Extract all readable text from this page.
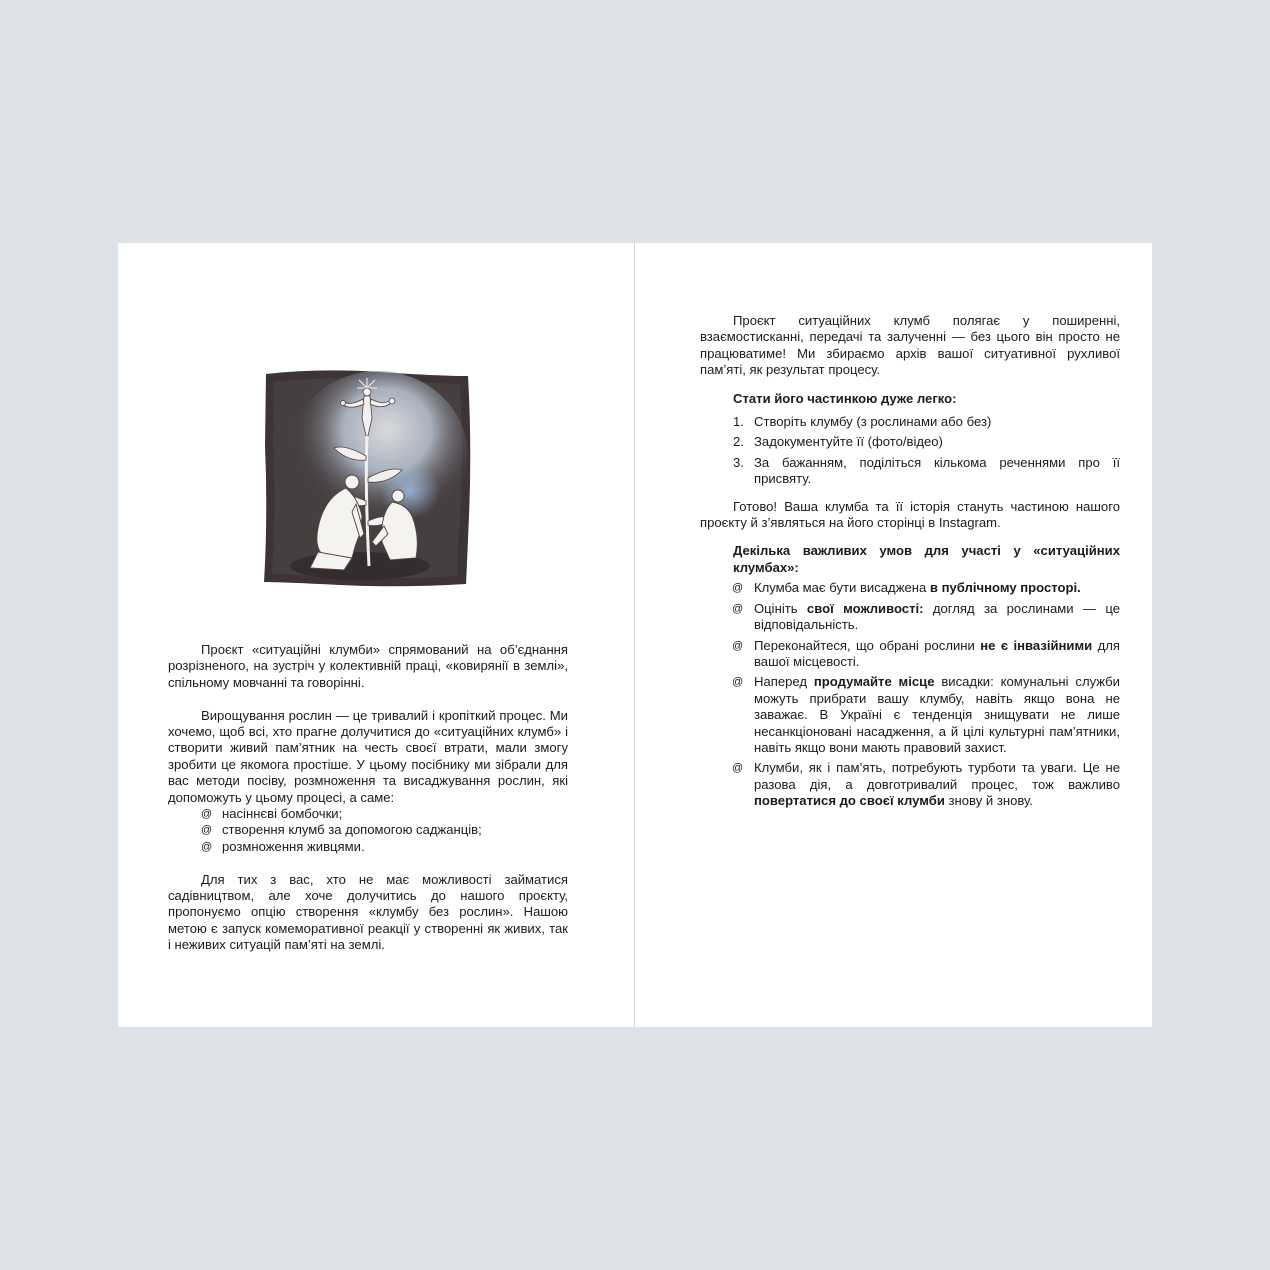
Проєкт «ситуаційні клумби» спрямований на об’єднання розрізненого, на зустріч у колективній праці, «ковирянії в землі», спільному мовчанні та говорінні.

Вирощування рослин — це тривалий і кропіткий процес. Ми хочемо, щоб всі, хто прагне долучитися до «ситуаційних клумб» і створити живий пам’ятник на честь своєї втрати, мали змогу зробити це якомога простіше. У цьому посібнику ми зібрали для вас методи посіву, розмноження та висаджування рослин, які допоможуть у цьому процесі, а саме:

@ насіннєві бомбочки;
@ створення клумб за допомогою саджанців;
@ розмноження живцями.

Для тих з вас, хто не має можливості займатися садівництвом, але хоче долучитись до нашого проєкту, пропонуємо опцію створення «клумбу без рослин». Нашою метою є запуск комеморативної реакції у створенні як живих, так і неживих ситуацій пам’яті на землі.

Проєкт ситуаційних клумб полягає у поширенні, взаємостисканні, передачі та залученні — без цього він просто не працюватиме! Ми збираємо архів вашої ситуативної рухливої пам’яті, як результат процесу.

Стати його частинкою дуже легко:

1. Створіть клумбу (з рослинами або без)
2. Задокументуйте її (фото/відео)
3. За бажанням, поділіться кількома реченнями про її присвяту.

Готово! Ваша клумба та її історія стануть частиною нашого проєкту й з’являться на його сторінці в Instagram.

Декілька важливих умов для участі у «ситуаційних клумбах»:

@ Клумба має бути висаджена в публічному просторі.
@ Оцініть свої можливості: догляд за рослинами — це відповідальність.
@ Переконайтеся, що обрані рослини не є інвазійними для вашої місцевості.
@ Наперед продумайте місце висадки: комунальні служби можуть прибрати вашу клумбу, навіть якщо вона не заважає. В Україні є тенденція знищувати не лише несанкціоновані насадження, а й цілі культурні пам’ятники, навіть якщо вони мають правовий захист.
@ Клумби, як і пам’ять, потребують турботи та уваги. Це не разова дія, а довготривалий процес, тож важливо повертатися до своєї клумби знову й знову.
